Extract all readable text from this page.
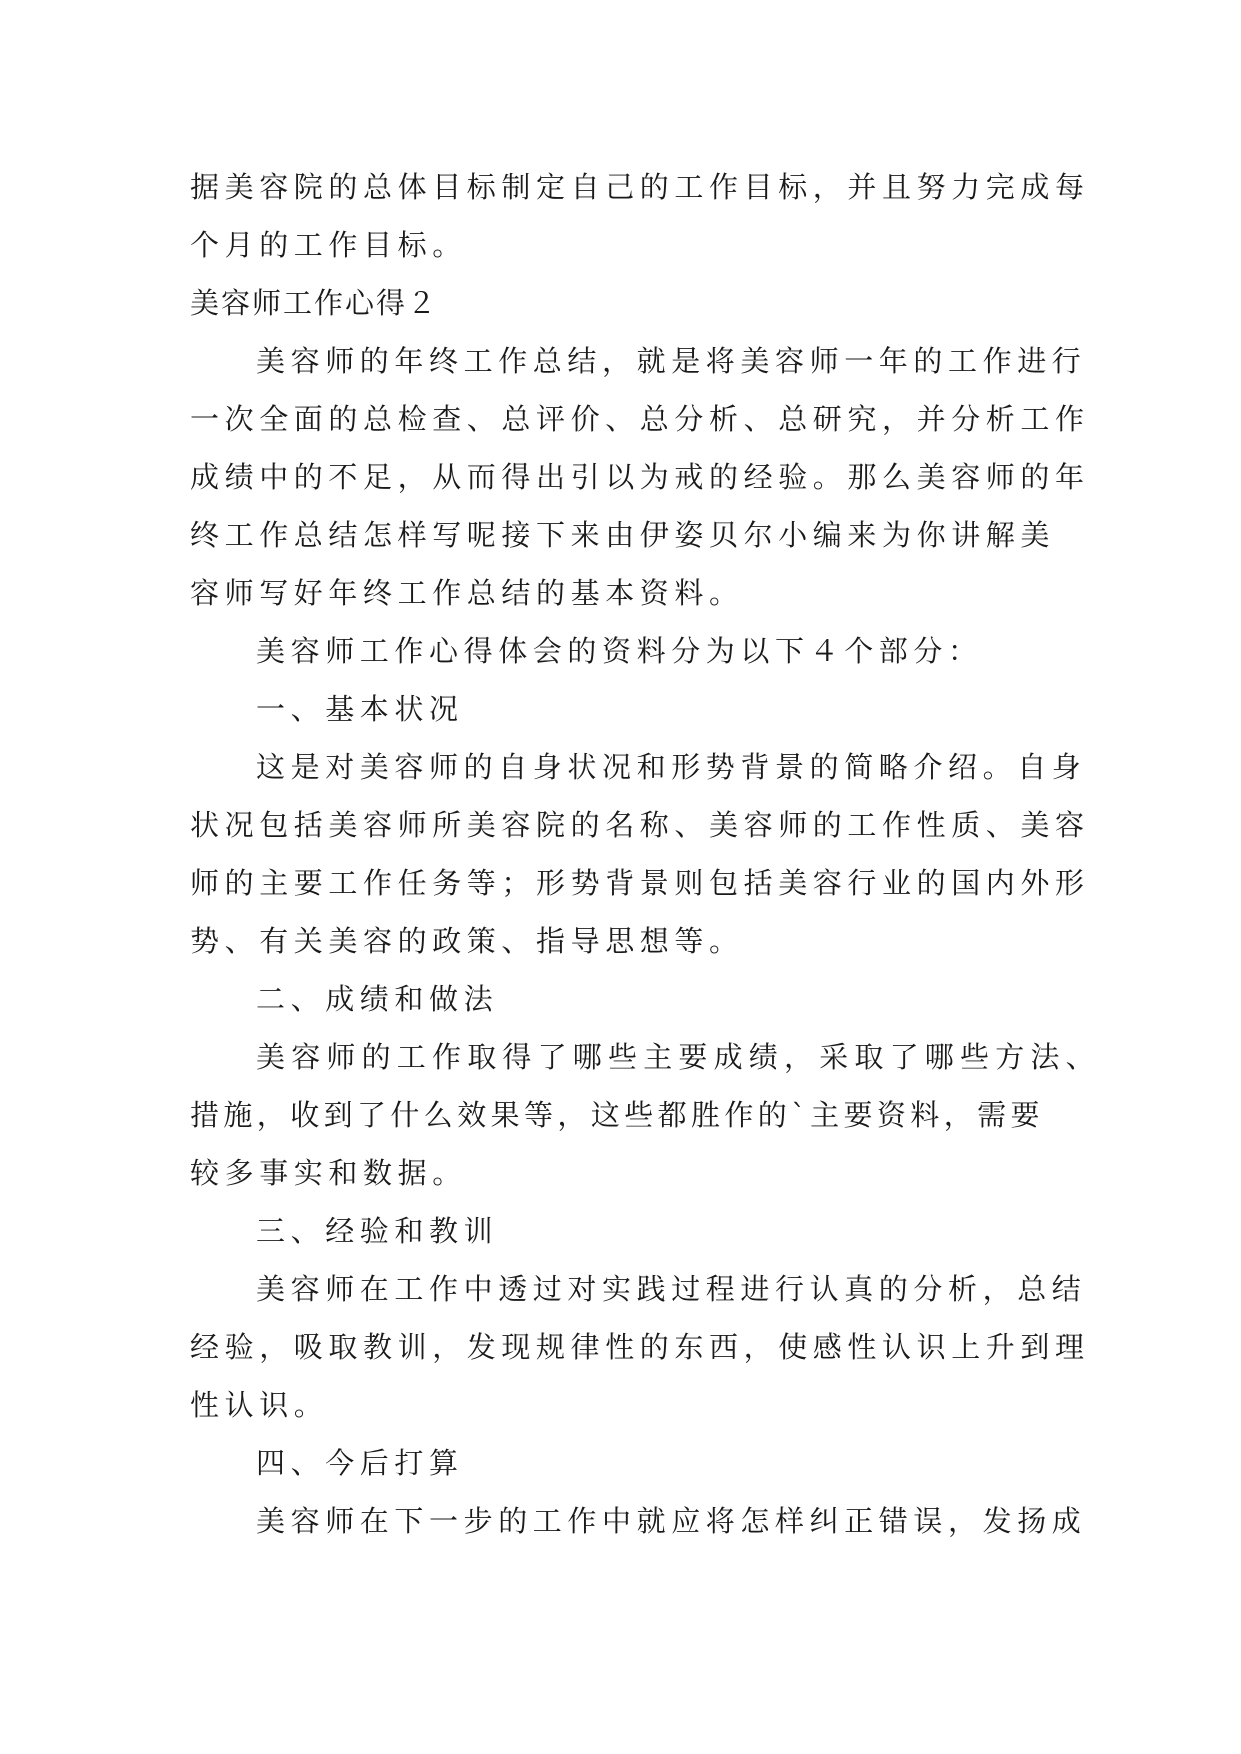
据美容院的总体目标制定自己的工作目标，并且努力完成每
个月的工作目标。
美容师工作心得２
美容师的年终工作总结，就是将美容师一年的工作进行
一次全面的总检查、总评价、总分析、总研究，并分析工作
成绩中的不足，从而得出引以为戒的经验。那么美容师的年
终工作总结怎样写呢接下来由伊姿贝尔小编来为你讲解美
容师写好年终工作总结的基本资料。
美容师工作心得体会的资料分为以下４个部分：
一、基本状况
这是对美容师的自身状况和形势背景的简略介绍。自身
状况包括美容师所美容院的名称、美容师的工作性质、美容
师的主要工作任务等；形势背景则包括美容行业的国内外形
势、有关美容的政策、指导思想等。
二、成绩和做法
美容师的工作取得了哪些主要成绩，采取了哪些方法、
措施，收到了什么效果等，这些都胜作的`主要资料，需要
较多事实和数据。
三、经验和教训
美容师在工作中透过对实践过程进行认真的分析，总结
经验，吸取教训，发现规律性的东西，使感性认识上升到理
性认识。
四、今后打算
美容师在下一步的工作中就应将怎样纠正错误，发扬成
